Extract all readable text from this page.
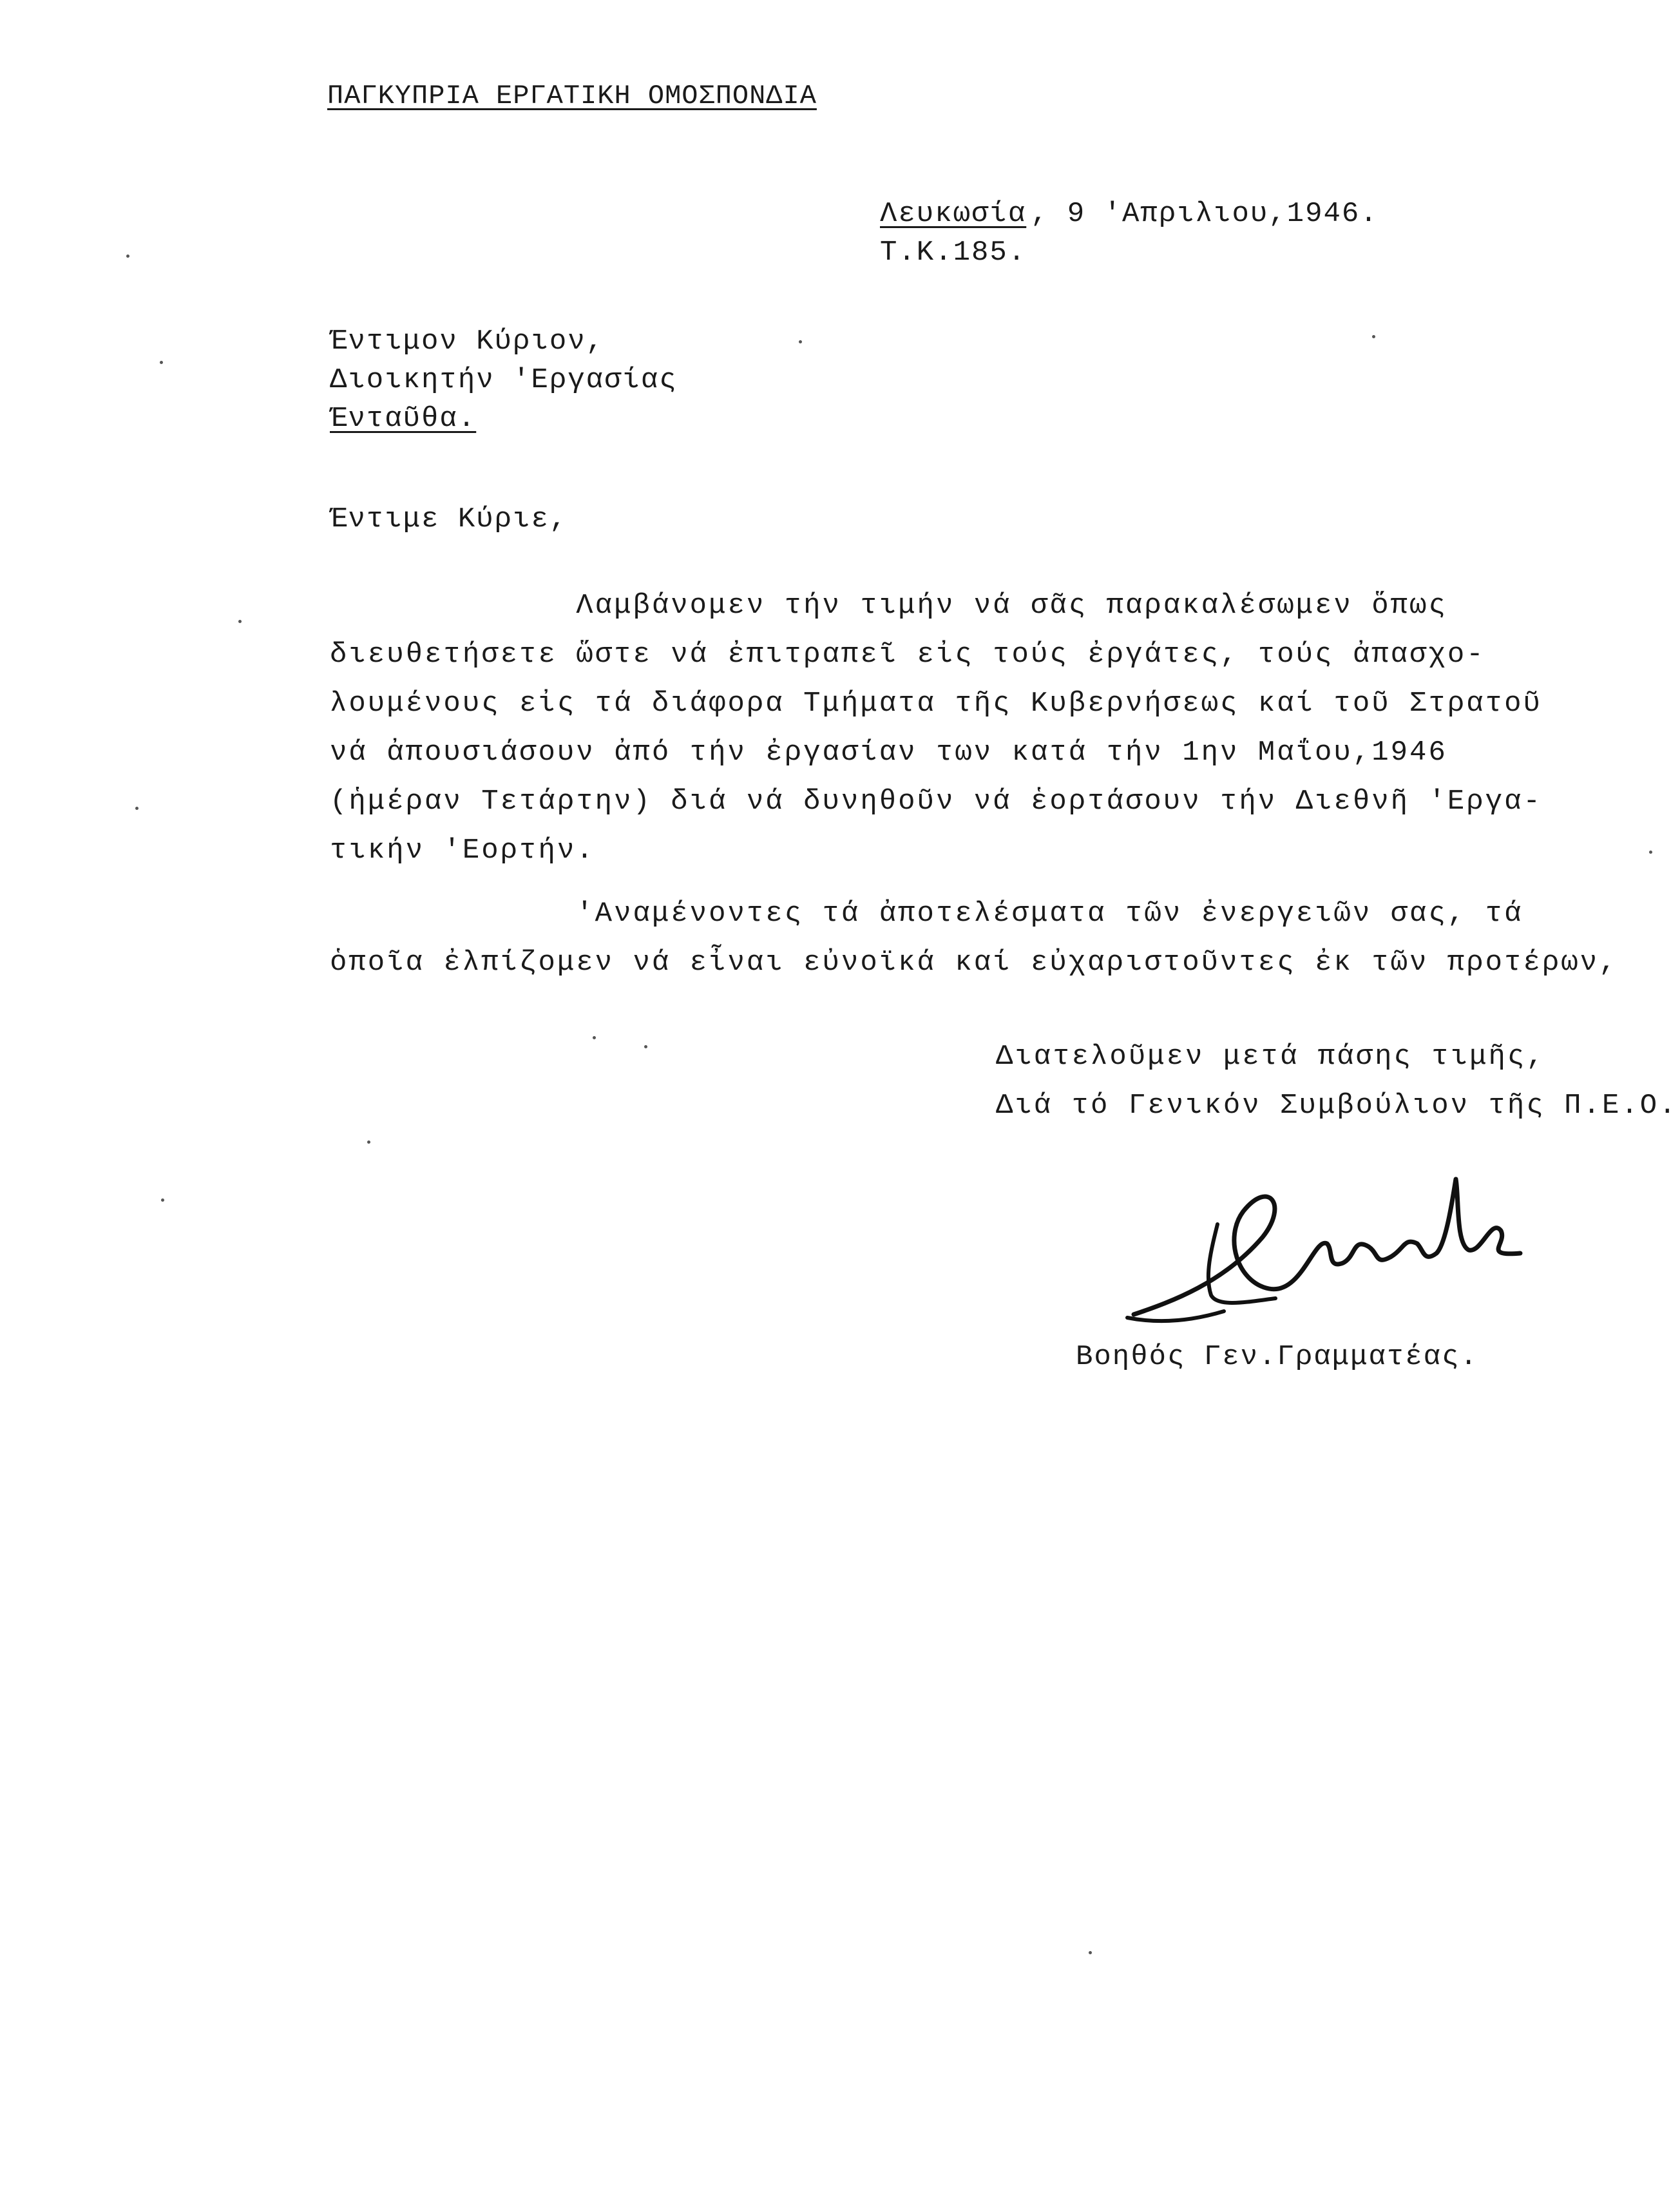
ΠΑΓΚΥΠΡΙΑ ΕΡΓΑΤΙΚΗ ΟΜΟΣΠΟΝΔΙΑ
Λευκωσία , 9 'Απριλιου,1946.
Τ.Κ.185.
Έντιμον Κύριον,
Διοικητήν 'Εργασίας
Ένταῦθα.
Έντιμε Κύριε,
Λαμβάνομεν τήν τιμήν νά σᾶς παρακαλέσωμεν ὅπως
διευθετήσετε ὥστε νά ἐπιτραπεῖ εἰς τούς ἐργάτες, τούς ἀπασχο-
λουμένους εἰς τά διάφορα Τμήματα τῆς Κυβερνήσεως καί τοῦ Στρατοῦ
νά ἀπουσιάσουν ἀπό τήν ἐργασίαν των κατά τήν 1ην Μαΐου,1946
(ἡμέραν Τετάρτην) διά νά δυνηθοῦν νά ἑορτάσουν τήν Διεθνῆ 'Εργα-
τικήν 'Εορτήν.
'Αναμένοντες τά ἀποτελέσματα τῶν ἐνεργειῶν σας, τά
ὁποῖα ἐλπίζομεν νά εἶναι εὐνοϊκά καί εὐχαριστοῦντες ἐκ τῶν προτέρων,
Διατελοῦμεν μετά πάσης τιμῆς,
Διά τό Γενικόν Συμβούλιον τῆς Π.Ε.Ο.
Βοηθός Γεν.Γραμματέας.
